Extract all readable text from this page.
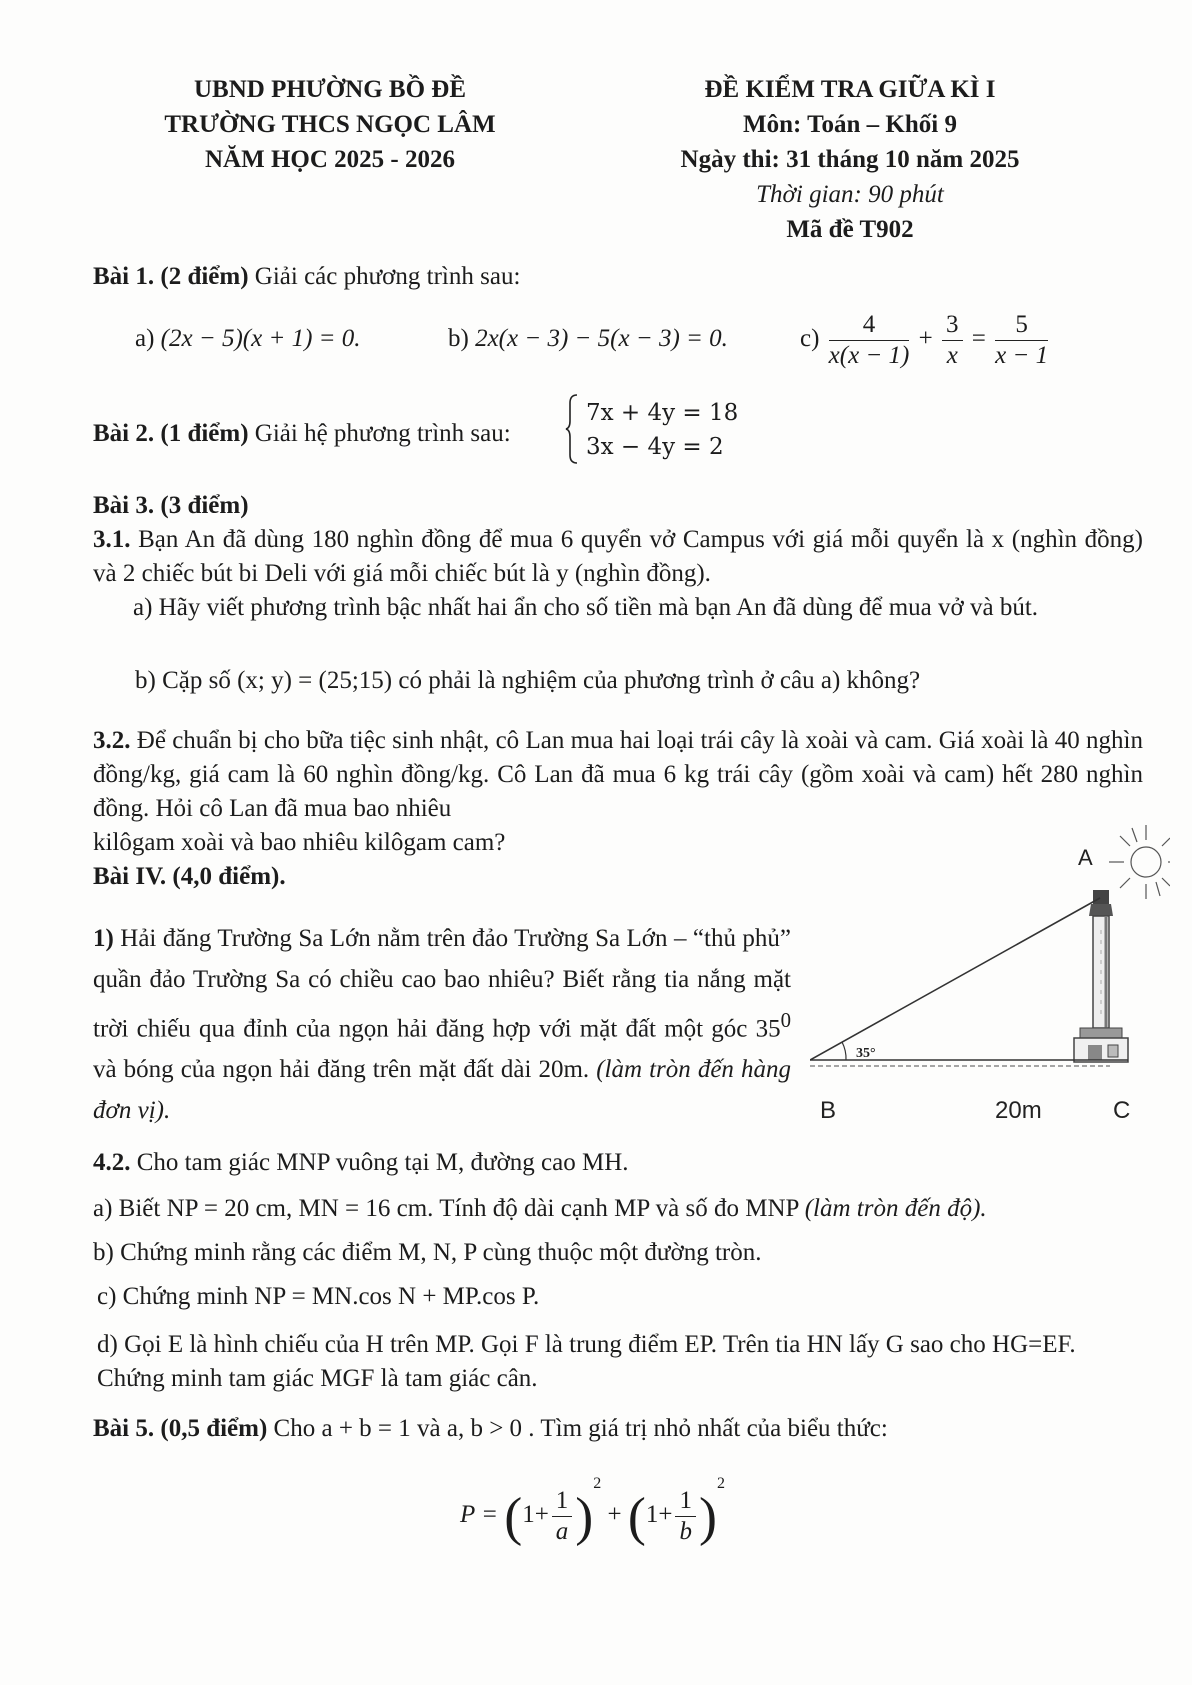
UBND PHƯỜNG BỒ ĐỀ
TRƯỜNG THCS NGỌC LÂM
NĂM HỌC 2025 - 2026
ĐỀ KIỂM TRA GIỮA KÌ I
Môn: Toán – Khối 9
Ngày thi: 31 tháng 10 năm 2025
Thời gian: 90 phút
Mã đề T902
Bài 1. (2 điểm) Giải các phương trình sau:
a) (2x − 5)(x + 1) = 0.	b) 2x(x − 3) − 5(x − 3) = 0.	$c) \frac{4}{x(x - 1)} + \frac{3}{x} = \frac{5}{x - 1}$
Bài 2. (1 điểm) Giải hệ phương trình sau:
7x + 4y = 18
3x − 4y = 2
Bài 3. (3 điểm)
3.1. Bạn An đã dùng 180 nghìn đồng để mua 6 quyển vở Campus với giá mỗi quyển là x (nghìn đồng) và 2 chiếc bút bi Deli với giá mỗi chiếc bút là y (nghìn đồng).
a) Hãy viết phương trình bậc nhất hai ẩn cho số tiền mà bạn An đã dùng để mua vở và bút.
b) Cặp số (x; y) = (25;15) có phải là nghiệm của phương trình ở câu a) không?
3.2. Để chuẩn bị cho bữa tiệc sinh nhật, cô Lan mua hai loại trái cây là xoài và cam. Giá xoài là 40 nghìn đồng/kg, giá cam là 60 nghìn đồng/kg. Cô Lan đã mua 6 kg trái cây (gồm xoài và cam) hết 280 nghìn đồng. Hỏi cô Lan đã mua bao nhiêu
kilôgam xoài và bao nhiêu kilôgam cam?
Bài IV. (4,0 điểm).
1) Hải đăng Trường Sa Lớn nằm trên đảo Trường Sa Lớn – “thủ phủ” quần đảo Trường Sa có chiều cao bao nhiêu? Biết rằng tia nắng mặt trời chiếu qua đỉnh của ngọn hải đăng hợp với mặt đất một góc $35^0$ và bóng của ngọn hải đăng trên mặt đất dài 20m. (làm tròn đến hàng đơn vị).
A
35°
B	20m	C
4.2. Cho tam giác MNP vuông tại M, đường cao MH.
a) Biết NP = 20 cm, MN = 16 cm. Tính độ dài cạnh MP và số đo MNP (làm tròn đến độ).
b) Chứng minh rằng các điểm M, N, P cùng thuộc một đường tròn.
c) Chứng minh NP = MN.cos N + MP.cos P.
d) Gọi E là hình chiếu của H trên MP. Gọi F là trung điểm EP. Trên tia HN lấy G sao cho HG=EF. Chứng minh tam giác MGF là tam giác cân.
Bài 5. (0,5 điểm) Cho a + b = 1 và a, b > 0 . Tìm giá trị nhỏ nhất của biểu thức:
$P = (1+ \frac{1}{a} )^2 + (1+ \frac{1}{b} )^2$
